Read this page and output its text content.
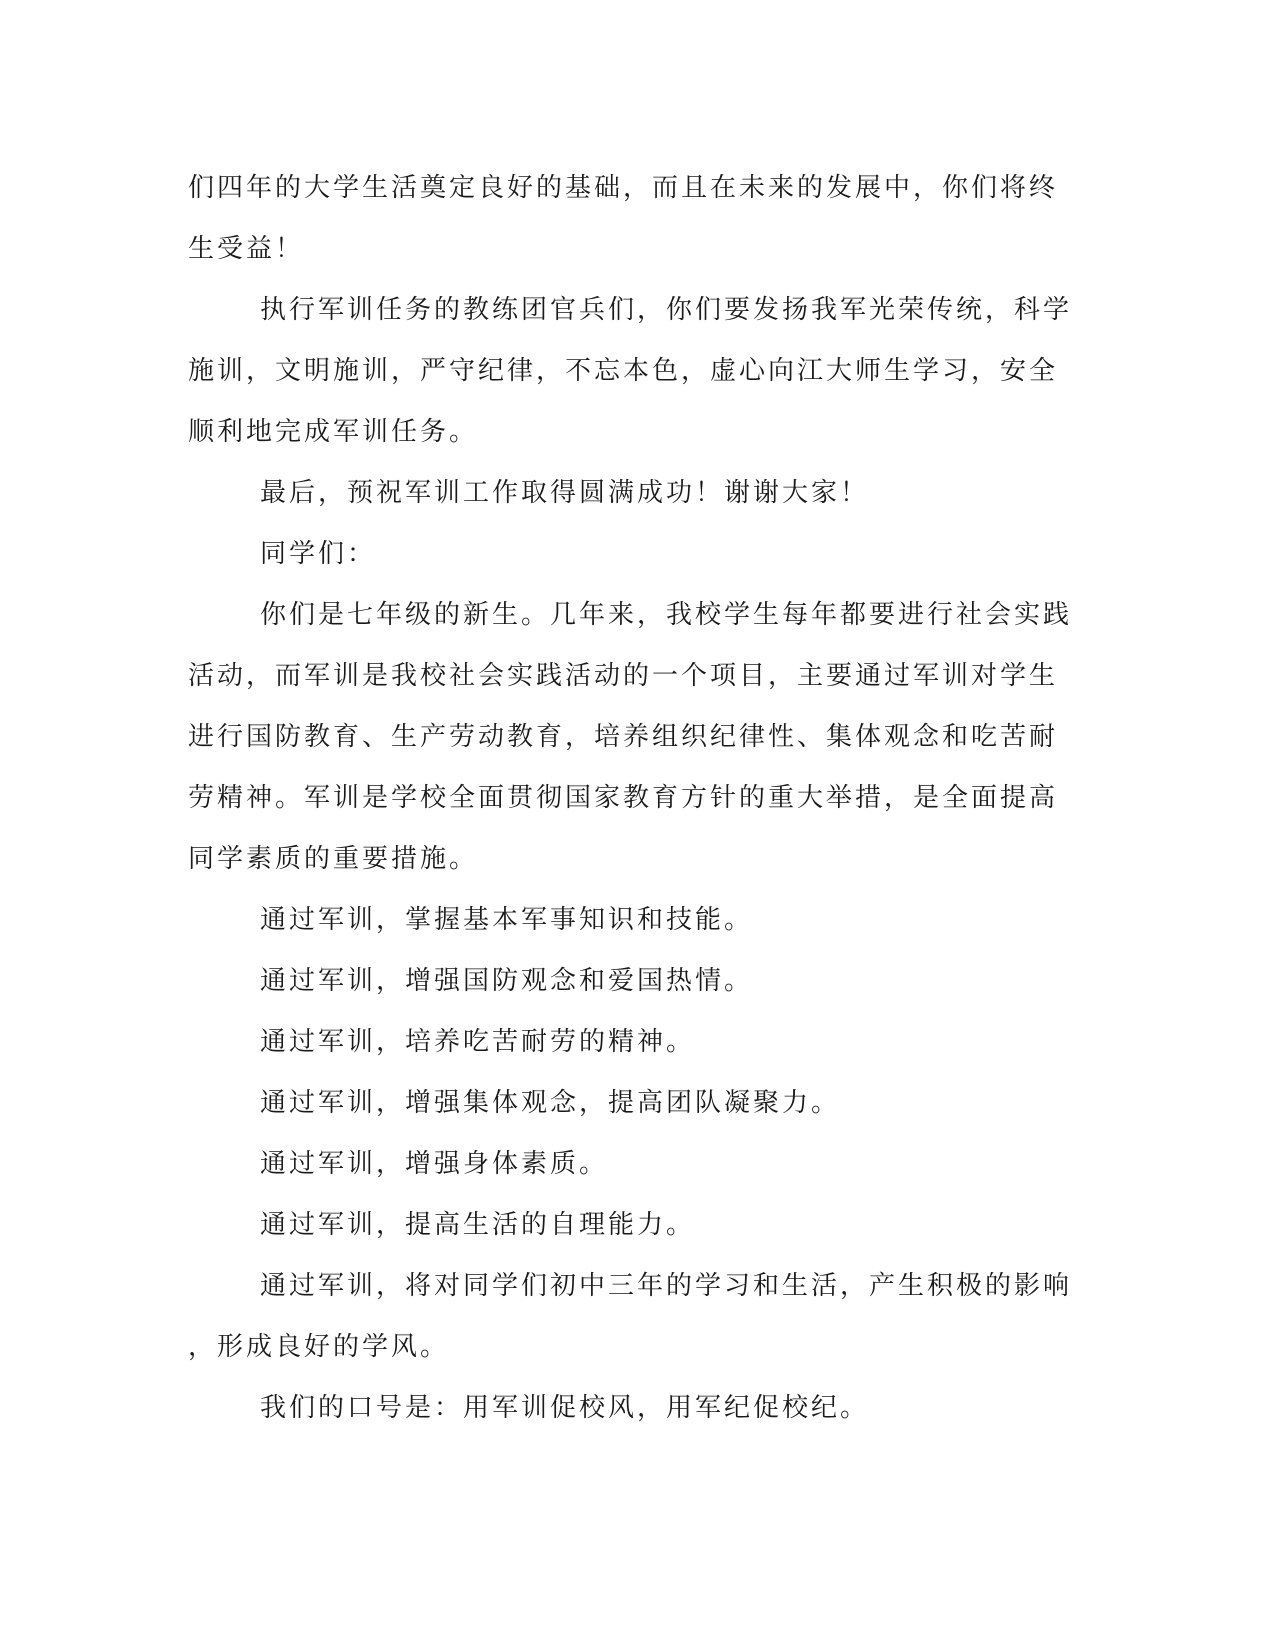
们四年的大学生活奠定良好的基础，而且在未来的发展中，你们将终
生受益！
执行军训任务的教练团官兵们，你们要发扬我军光荣传统，科学
施训，文明施训，严守纪律，不忘本色，虚心向江大师生学习，安全
顺利地完成军训任务。
最后，预祝军训工作取得圆满成功！谢谢大家！
同学们：
你们是七年级的新生。几年来，我校学生每年都要进行社会实践
活动，而军训是我校社会实践活动的一个项目，主要通过军训对学生
进行国防教育、生产劳动教育，培养组织纪律性、集体观念和吃苦耐
劳精神。军训是学校全面贯彻国家教育方针的重大举措，是全面提高
同学素质的重要措施。
通过军训，掌握基本军事知识和技能。
通过军训，增强国防观念和爱国热情。
通过军训，培养吃苦耐劳的精神。
通过军训，增强集体观念，提高团队凝聚力。
通过军训，增强身体素质。
通过军训，提高生活的自理能力。
通过军训，将对同学们初中三年的学习和生活，产生积极的影响
，形成良好的学风。
我们的口号是：用军训促校风，用军纪促校纪。
